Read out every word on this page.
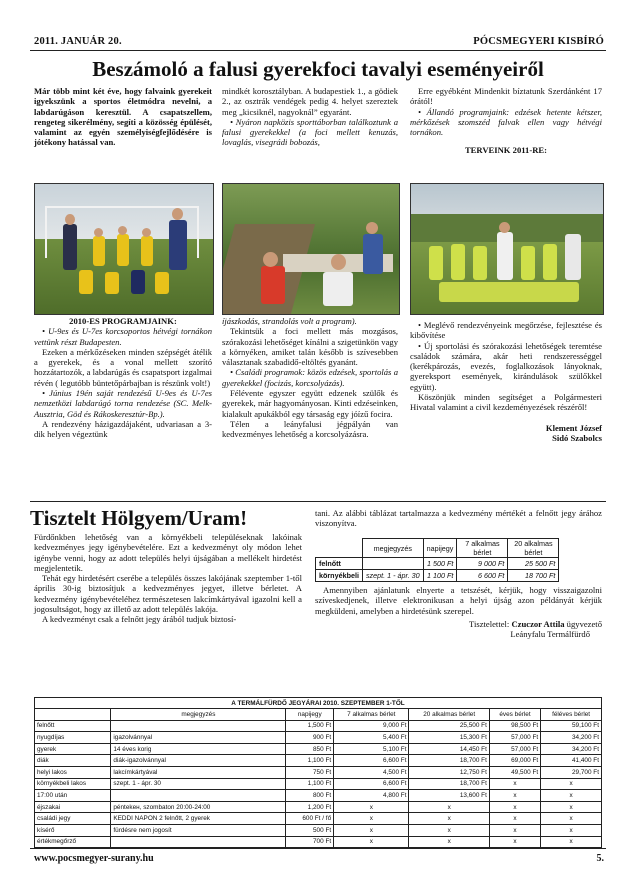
2011. JANUÁR 20.	PÓCSMEGYERI KISBÍRÓ
Beszámoló a falusi gyerekfoci tavalyi eseményeiről

Már több mint két éve, hogy falvaink gyerekeit igyekszünk a sportos életmódra nevelni, a labdarúgáson keresztül. A csapatszellem, rengeteg sikerélmény, segíti a közösség épülését, valamint az egyén személyiségfejlődésére is jótékony hatással van.

mindkét korosztályban. A budapestiek 1., a gödiek 2., az osztrák vendégek pedig 4. helyet szereztek meg „kicsiknél, nagyoknál” egyaránt.

• Nyáron napközis sporttáborban találkoztunk a falusi gyerekekkel (a foci mellett kenuzás, lovaglás, visegrádi bobozás,

Erre egyébként Mindenkit bíztatunk Szerdánként 17 órától!

• Állandó programjaink: edzések hetente kétszer, mérkőzések szomszéd falvak ellen vagy hétvégi tornákon.

TERVEINK 2011-RE:

2010-ES PROGRAMJAINK:

• U-9es és U-7es korcsoportos hétvégi tornákon vettünk részt Budapesten.

Ezeken a mérkőzéseken minden szépségét átélik a gyerekek, és a vonal mellett szorító hozzátartozók, a labdarúgás és csapatsport izgalmai révén ( legutóbb büntetőpárbajban is részünk volt!)

• Június 19én saját rendezésű U-9es és U-7es nemzetközi labdarúgó torna rendezése (SC. Melk-Ausztria, Göd és Rákoskeresztúr-Bp.).

A rendezvény házigazdájaként, udvariasan a 3-dik helyen végeztünk

íjászkodás, strandolás volt a program).

Tekintsük a foci mellett más mozgásos, szórakozási lehetőséget kínálni a szigetünkön vagy a környéken, amiket talán később is szívesebben választanak szabadidő-eltöltés gyanánt.

• Családi programok: közös edzések, sportolás a gyerekekkel (focizás, korcsolyázás).

Félévente egyszer együtt edzenek szülők és gyerekek, már hagyományosan. Kinti edzéseinken, kialakult apukákból egy társaság egy jóízű focira.

Télen a leányfalusi jégpályán van kedvezményes lehetőség a korcsolyázásra.

• Meglévő rendezvényeink megőrzése, fejlesztése és kibővítése

• Új sportolási és szórakozási lehetőségek teremtése családok számára, akár heti rendszerességgel (kerékpározás, evezés, foglalkozások lányoknak, gyereksport események, kirándulások szülőkkel együtt).

Köszönjük minden segítséget a Polgármesteri Hivatal valamint a civil kezdeményezések részéről!

Klement József

Sidó Szabolcs

Tisztelt Hölgyem/Uram!

Fürdőnkben lehetőség van a környékbeli településeknak lakóinak kedvezményes jegy igénybevételére. Ezt a kedvezményt oly módon lehet igénybe venni, hogy az adott település helyi újságában a mellékelt hirdetést megjelentetik.

Tehát egy hirdetésért cserébe a település összes lakójának szeptember 1-től április 30-ig biztosítjuk a kedvezményes jegyet, illetve bérletet. A kedvezmény igénybevételéhez természetesen lakcímkártyával igazolni kell a jogosultságot, hogy az illető az adott település lakója.

A kedvezményt csak a felnőtt jegy árából tudjuk biztosí-

tani. Az alábbi táblázat tartalmazza a kedvezmény mértékét a felnőtt jegy árához viszonyítva.

	megjegyzés	napijegy	7 alkalmas bérlet	20 alkalmas bérlet
felnőtt		1 500 Ft	9 000 Ft	25 500 Ft
környékbeli	szept. 1 - ápr. 30	1 100 Ft	6 600 Ft	18 700 Ft

Amennyiben ajánlatunk elnyerte a tetszését, kérjük, hogy visszaigazolni szíveskedjenek, illetve elektronikusan a helyi újság azon példányát kérjük megküldeni, amelyben a hirdetésünk szerepel.

Tisztelettel: Czuczor Attila ügyvezető

Leányfalu Termálfürdő

A TERMÁLFÜRDŐ JEGYÁRAI 2010. SZEPTEMBER 1-TŐL						
	megjegyzés	napijegy	7 alkalmas bérlet	20 alkalmas bérlet	éves bérlet	féléves bérlet
felnőtt		1,500 Ft	9,000 Ft	25,500 Ft	98,500 Ft	59,100 Ft
nyugdíjas	igazolvánnyal	900 Ft	5,400 Ft	15,300 Ft	57,000 Ft	34,200 Ft
gyerek	14 éves korig	850 Ft	5,100 Ft	14,450 Ft	57,000 Ft	34,200 Ft
diák	diák-igazolvánnyal	1,100 Ft	6,600 Ft	18,700 Ft	69,000 Ft	41,400 Ft
helyi lakos	lakcímkártyával	750 Ft	4,500 Ft	12,750 Ft	49,500 Ft	29,700 Ft
környékbeli lakos	szept. 1 - ápr. 30	1,100 Ft	6,600 Ft	18,700 Ft	x	x
17:00 után		800 Ft	4,800 Ft	13,600 Ft	x	x
éjszakai	péntekeн, szombaton 20:00-24:00	1,200 Ft	x	x	x	x
családi jegy	KEDDI NAPON 2 felnőtt, 2 gyerek	600 Ft / fő	x	x	x	x
kísérő	fürdésre nem jogosít	500 Ft	x	x	x	x
értékmegőrző		700 Ft	x	x	x	x
www.pocsmegyer-surany.hu	5.
